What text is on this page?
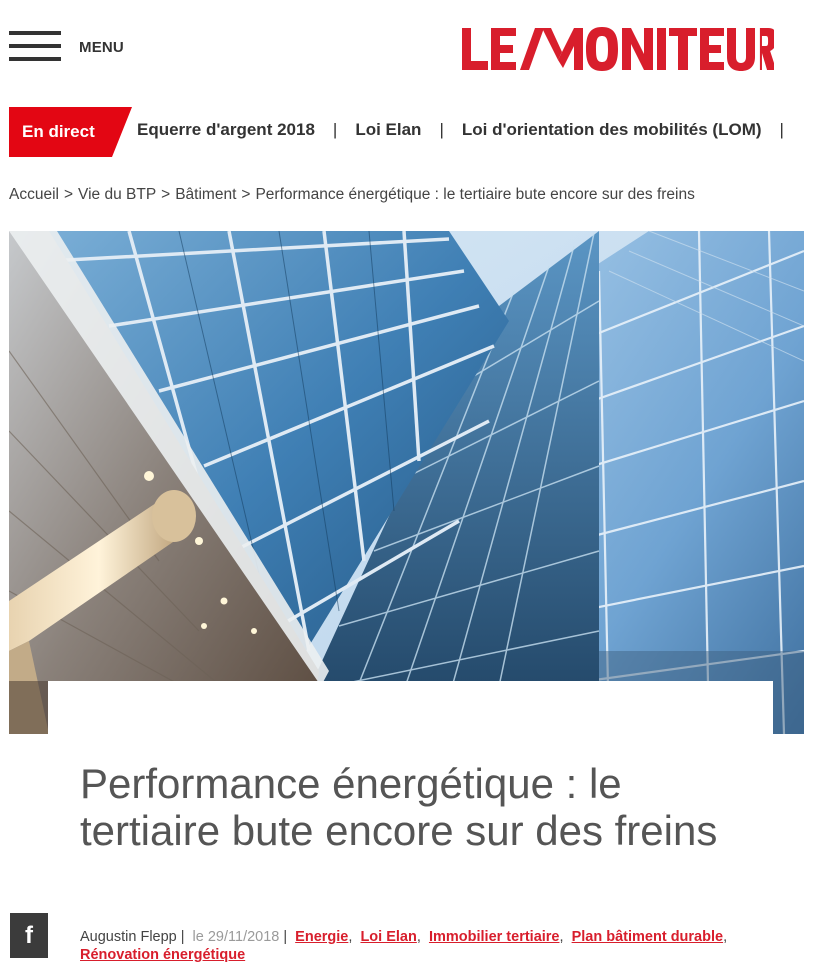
MENU
En direct Equerre d'argent 2018 | Loi Elan | Loi d'orientation des mobilités (LOM) |
Accueil > Vie du BTP > Bâtiment > Performance énergétique : le tertiaire bute encore sur des freins
Performance énergétique : le tertiaire bute encore sur des freins
f	Augustin Flepp | le 29/11/2018 | Energie,  Loi Elan,  Immobilier tertiaire,  Plan bâtiment durable,  Rénovation énergétique
